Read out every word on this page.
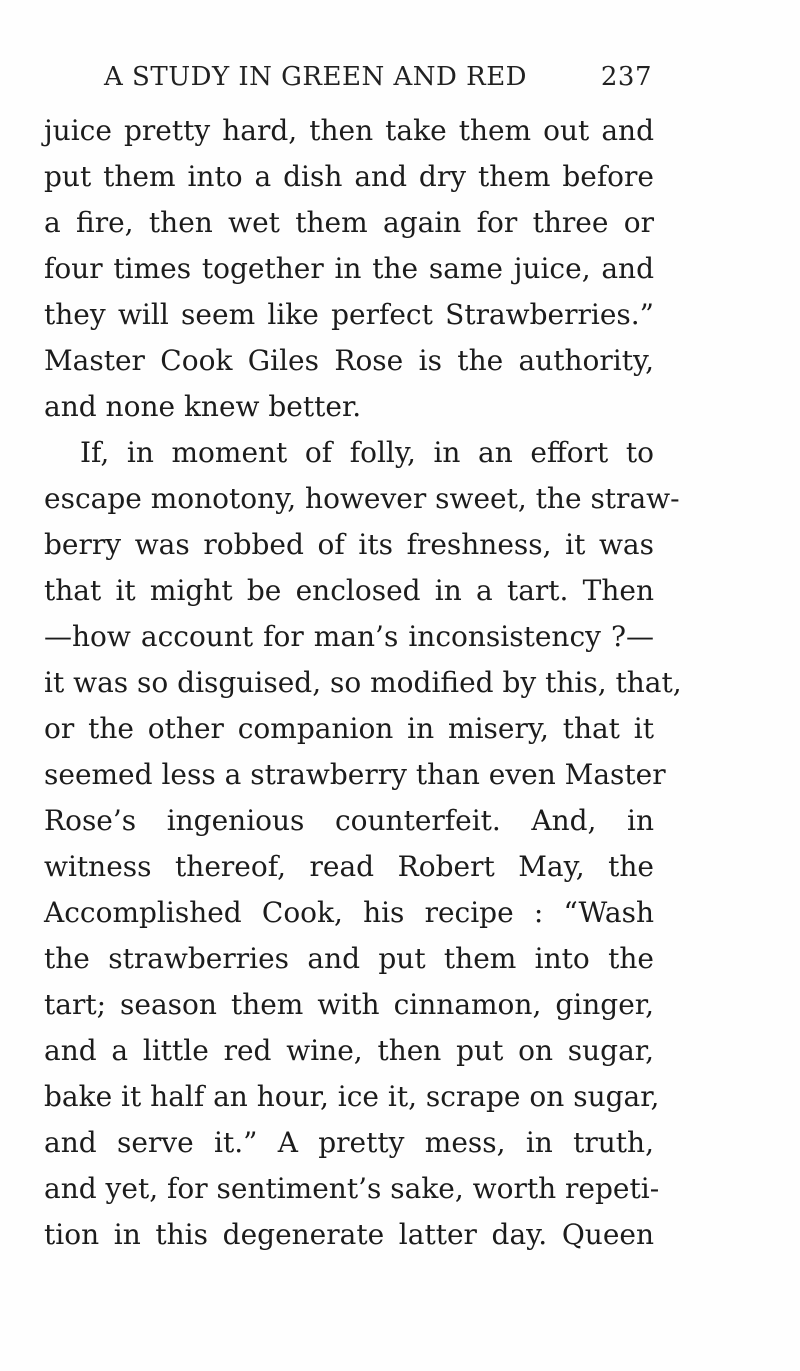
A STUDY IN GREEN AND RED	237
juice pretty hard, then take them out and
put them into a dish and dry them before
a fire, then wet them again for three or
four times together in the same juice, and
they will seem like perfect Strawberries.”
Master Cook Giles Rose is the authority,
and none knew better.
If, in moment of folly, in an effort to
escape monotony, however sweet, the straw-
berry was robbed of its freshness, it was
that it might be enclosed in a tart. Then
—how account for man’s inconsistency ?—
it was so disguised, so modified by this, that,
or the other companion in misery, that it
seemed less a strawberry than even Master
Rose’s ingenious counterfeit. And, in
witness thereof, read Robert May, the
Accomplished Cook, his recipe : “Wash
the strawberries and put them into the
tart; season them with cinnamon, ginger,
and a little red wine, then put on sugar,
bake it half an hour, ice it, scrape on sugar,
and serve it.” A pretty mess, in truth,
and yet, for sentiment’s sake, worth repeti-
tion in this degenerate latter day. Queen
